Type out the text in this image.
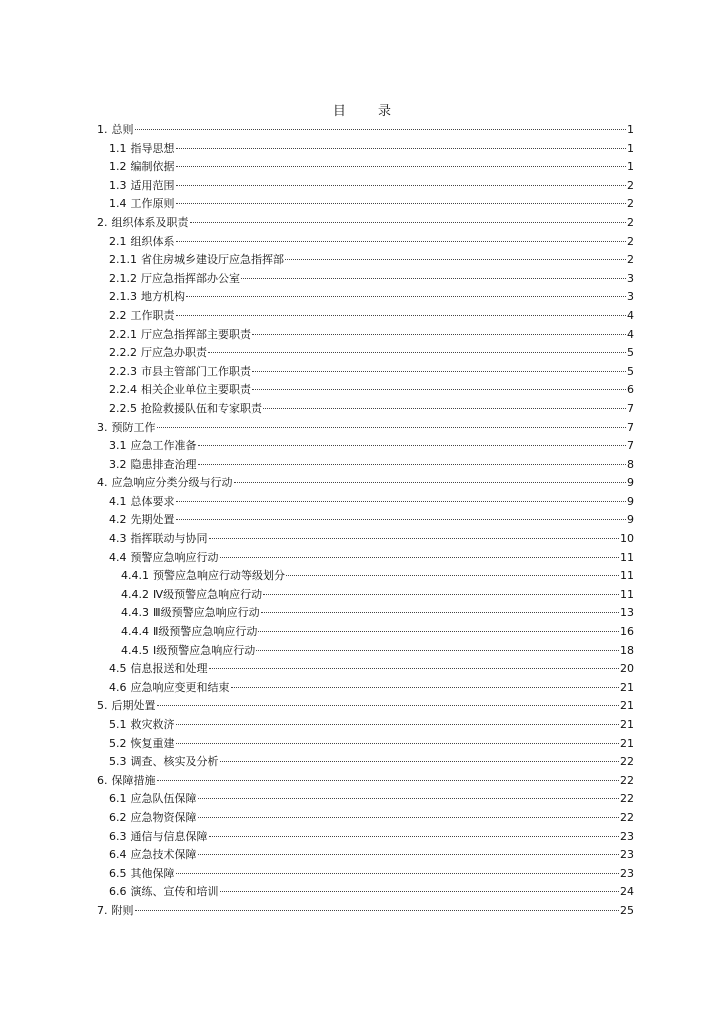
目 录
1. 总则	1
1.1 指导思想	1
1.2 编制依据	1
1.3 适用范围	2
1.4 工作原则	2
2. 组织体系及职责	2
2.1 组织体系	2
2.1.1 省住房城乡建设厅应急指挥部	2
2.1.2 厅应急指挥部办公室	3
2.1.3 地方机构	3
2.2 工作职责	4
2.2.1 厅应急指挥部主要职责	4
2.2.2 厅应急办职责	5
2.2.3 市县主管部门工作职责	5
2.2.4 相关企业单位主要职责	6
2.2.5 抢险救援队伍和专家职责	7
3. 预防工作	7
3.1 应急工作准备	7
3.2 隐患排查治理	8
4. 应急响应分类分级与行动	9
4.1 总体要求	9
4.2 先期处置	9
4.3 指挥联动与协同	10
4.4 预警应急响应行动	11
4.4.1 预警应急响应行动等级划分	11
4.4.2 Ⅳ级预警应急响应行动	11
4.4.3 Ⅲ级预警应急响应行动	13
4.4.4 Ⅱ级预警应急响应行动	16
4.4.5 Ⅰ级预警应急响应行动	18
4.5 信息报送和处理	20
4.6 应急响应变更和结束	21
5. 后期处置	21
5.1 救灾救济	21
5.2 恢复重建	21
5.3 调查、核实及分析	22
6. 保障措施	22
6.1 应急队伍保障	22
6.2 应急物资保障	22
6.3 通信与信息保障	23
6.4 应急技术保障	23
6.5 其他保障	23
6.6 演练、宣传和培训	24
7. 附则	25
